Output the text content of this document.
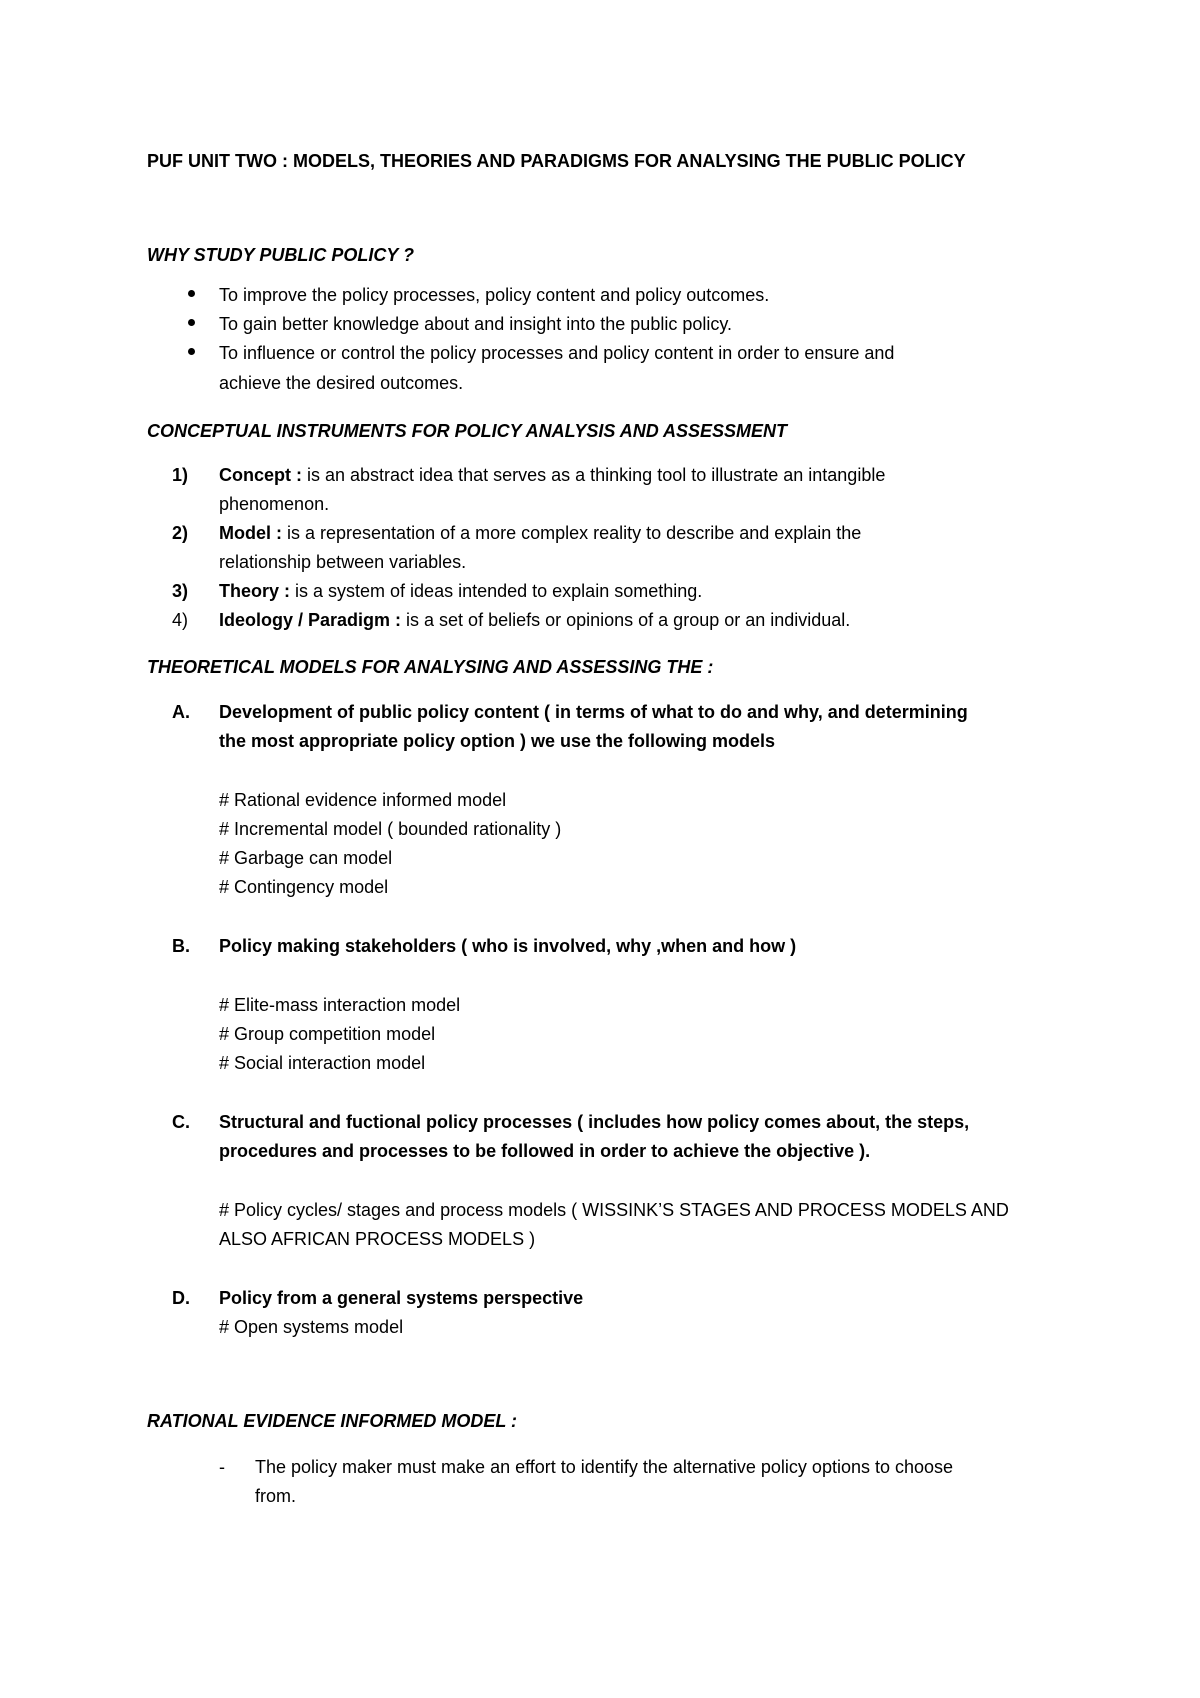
PUF UNIT TWO : MODELS, THEORIES AND PARADIGMS FOR ANALYSING THE PUBLIC POLICY
WHY STUDY PUBLIC POLICY ?
To improve the policy processes, policy content and policy outcomes.
To gain better knowledge about and insight into the public policy.
To influence or control the policy processes and policy content in order to ensure and
achieve the desired outcomes.
CONCEPTUAL INSTRUMENTS FOR POLICY ANALYSIS AND ASSESSMENT
1) Concept : is an abstract idea that serves as a thinking tool to illustrate an intangible
phenomenon.
2) Model : is a representation of a more complex reality to describe and explain the
relationship between variables.
3) Theory : is a system of ideas intended to explain something.
4) Ideology / Paradigm : is a set of beliefs or opinions of a group or an individual.
THEORETICAL MODELS FOR ANALYSING AND ASSESSING THE :
A. Development of public policy content ( in terms of what to do and why, and determining
the most appropriate policy option ) we use the following models
# Rational evidence informed model
# Incremental model ( bounded rationality )
# Garbage can model
# Contingency model
B. Policy making stakeholders ( who is involved, why ,when and how )
# Elite-mass interaction model
# Group competition model
# Social interaction model
C. Structural and fuctional policy processes ( includes how policy comes about, the steps,
procedures and processes to be followed in order to achieve the objective ).
# Policy cycles/ stages and process models ( WISSINK’S STAGES AND PROCESS MODELS AND
ALSO AFRICAN PROCESS MODELS )
D. Policy from a general systems perspective
# Open systems model
RATIONAL EVIDENCE INFORMED MODEL :
- The policy maker must make an effort to identify the alternative policy options to choose
from.
